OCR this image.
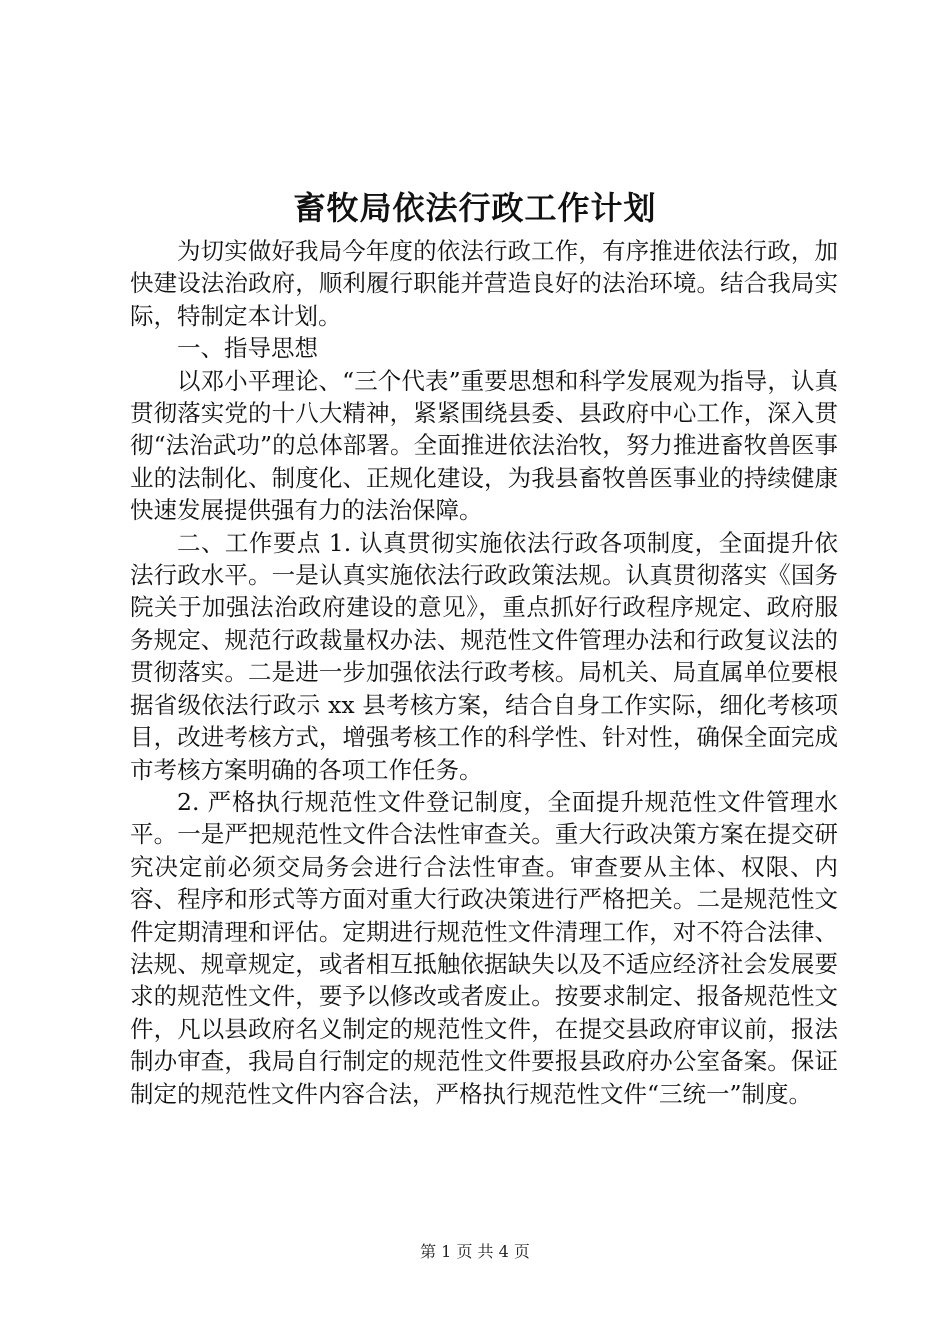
畜牧局依法行政工作计划

为切实做好我局今年度的依法行政工作，有序推进依法行政，加快建设法治政府，顺利履行职能并营造良好的法治环境。结合我局实际，特制定本计划。

一、指导思想

以邓小平理论、“三个代表”重要思想和科学发展观为指导，认真贯彻落实党的十八大精神，紧紧围绕县委、县政府中心工作，深入贯彻“法治武功”的总体部署。全面推进依法治牧，努力推进畜牧兽医事业的法制化、制度化、正规化建设，为我县畜牧兽医事业的持续健康快速发展提供强有力的法治保障。

二、工作要点 1. 认真贯彻实施依法行政各项制度，全面提升依法行政水平。一是认真实施依法行政政策法规。认真贯彻落实《国务院关于加强法治政府建设的意见》，重点抓好行政程序规定、政府服务规定、规范行政裁量权办法、规范性文件管理办法和行政复议法的贯彻落实。二是进一步加强依法行政考核。局机关、局直属单位要根据省级依法行政示 xx 县考核方案，结合自身工作实际，细化考核项目，改进考核方式，增强考核工作的科学性、针对性，确保全面完成市考核方案明确的各项工作任务。

2. 严格执行规范性文件登记制度，全面提升规范性文件管理水平。一是严把规范性文件合法性审查关。重大行政决策方案在提交研究决定前必须交局务会进行合法性审查。审查要从主体、权限、内容、程序和形式等方面对重大行政决策进行严格把关。二是规范性文件定期清理和评估。定期进行规范性文件清理工作，对不符合法律、法规、规章规定，或者相互抵触依据缺失以及不适应经济社会发展要求的规范性文件，要予以修改或者废止。按要求制定、报备规范性文件，凡以县政府名义制定的规范性文件，在提交县政府审议前，报法制办审查，我局自行制定的规范性文件要报县政府办公室备案。保证制定的规范性文件内容合法，严格执行规范性文件“三统一”制度。

第 1 页 共 4 页
